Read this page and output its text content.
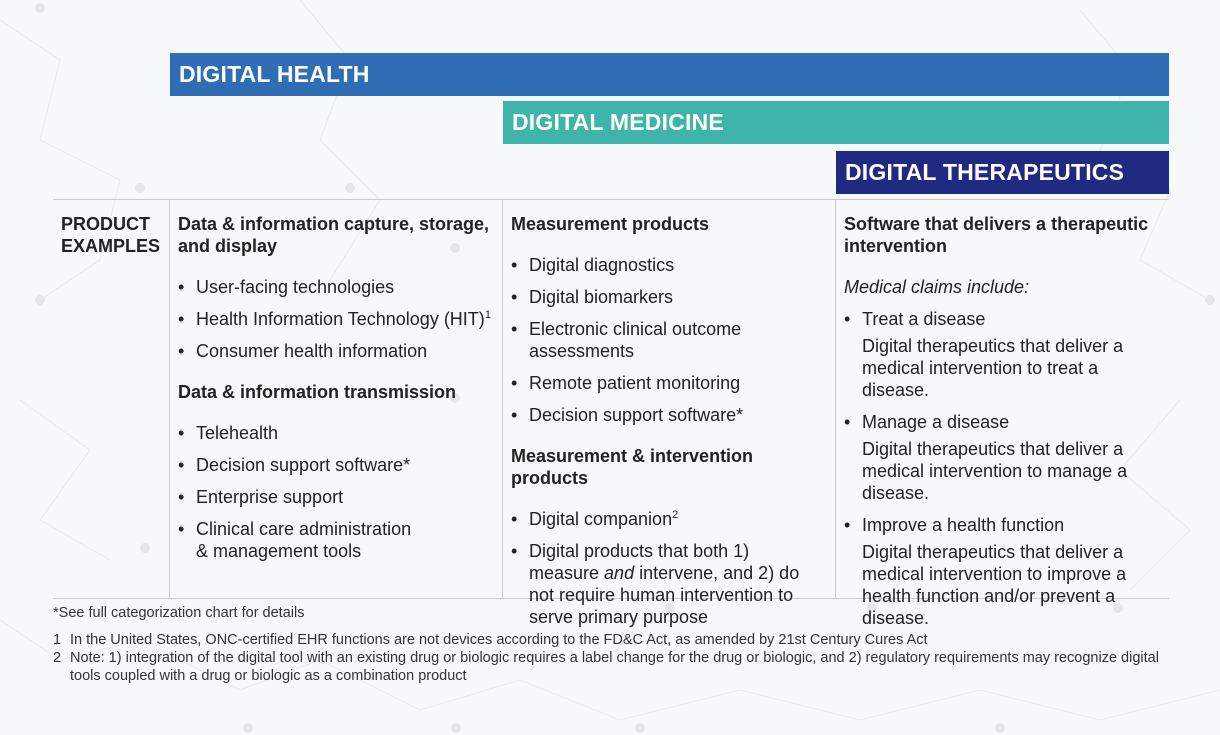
DIGITAL HEALTH
DIGITAL MEDICINE
DIGITAL THERAPEUTICS
PRODUCT
EXAMPLES
Data & information capture, storage, and display
• User-facing technologies
• Health Information Technology (HIT)$^1$
• Consumer health information
Data & information transmission
• Telehealth
• Decision support software*
• Enterprise support
• Clinical care administration & management tools
Measurement products
• Digital diagnostics
• Digital biomarkers
• Electronic clinical outcome assessments
• Remote patient monitoring
• Decision support software*
Measurement & intervention products
• Digital companion$^2$
• Digital products that both 1) measure and intervene, and 2) do not require human intervention to serve primary purpose
Software that delivers a therapeutic intervention
Medical claims include:
• Treat a disease
Digital therapeutics that deliver a medical intervention to treat a disease.
• Manage a disease
Digital therapeutics that deliver a medical intervention to manage a disease.
• Improve a health function
Digital therapeutics that deliver a medical intervention to improve a health function and/or prevent a disease.
*See full categorization chart for details
1 In the United States, ONC-certified EHR functions are not devices according to the FD&C Act, as amended by 21st Century Cures Act
2 Note: 1) integration of the digital tool with an existing drug or biologic requires a label change for the drug or biologic, and 2) regulatory requirements may recognize digital tools coupled with a drug or biologic as a combination product
